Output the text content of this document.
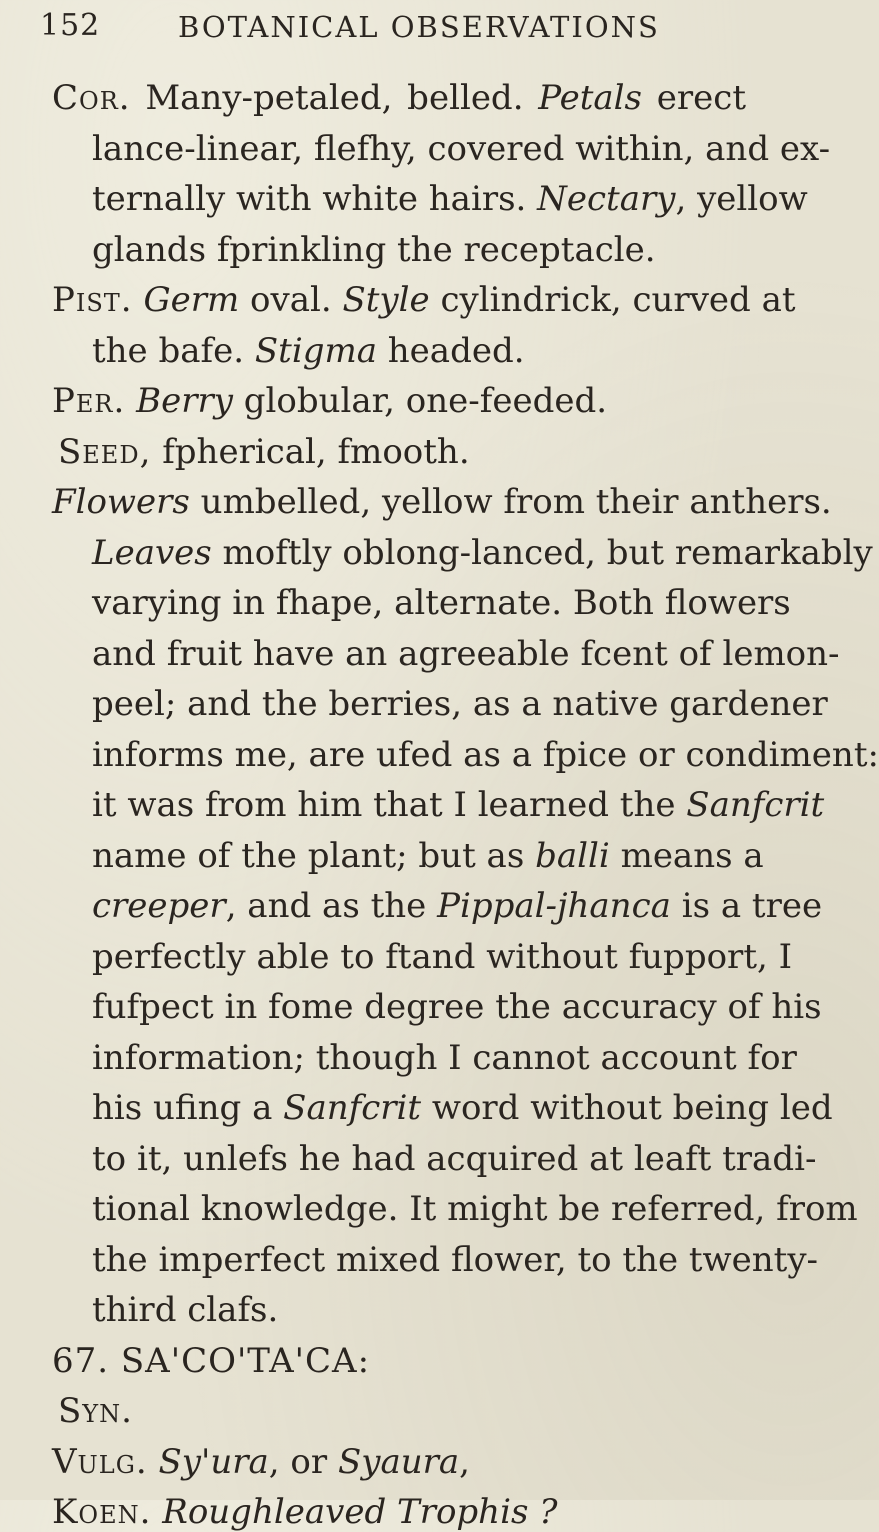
152	BOTANICAL OBSERVATIONS
Cor. Many-petaled, belled. Petals erect
lance-linear, flefhy, covered within, and ex-
ternally with white hairs. Nectary, yellow
glands fprinkling the receptacle.
Pist. Germ oval. Style cylindrick, curved at
the bafe. Stigma headed.
Per. Berry globular, one-feeded.
Seed, fpherical, fmooth.
Flowers umbelled, yellow from their anthers.
Leaves moftly oblong-lanced, but remarkably
varying in fhape, alternate. Both flowers
and fruit have an agreeable fcent of lemon-
peel; and the berries, as a native gardener
informs me, are ufed as a fpice or condiment:
it was from him that I learned the Sanfcrit
name of the plant; but as balli means a
creeper, and as the Pippal-jhanca is a tree
perfectly able to ftand without fupport, I
fufpect in fome degree the accuracy of his
information; though I cannot account for
his ufing a Sanfcrit word without being led
to it, unlefs he had acquired at leaft tradi-
tional knowledge. It might be referred, from
the imperfect mixed flower, to the twenty-
third clafs.
67. SA'CO'TA'CA:
Syn.
Vulg. Sy'ura, or Syaura,
Koen. Roughleaved Trophis ?
